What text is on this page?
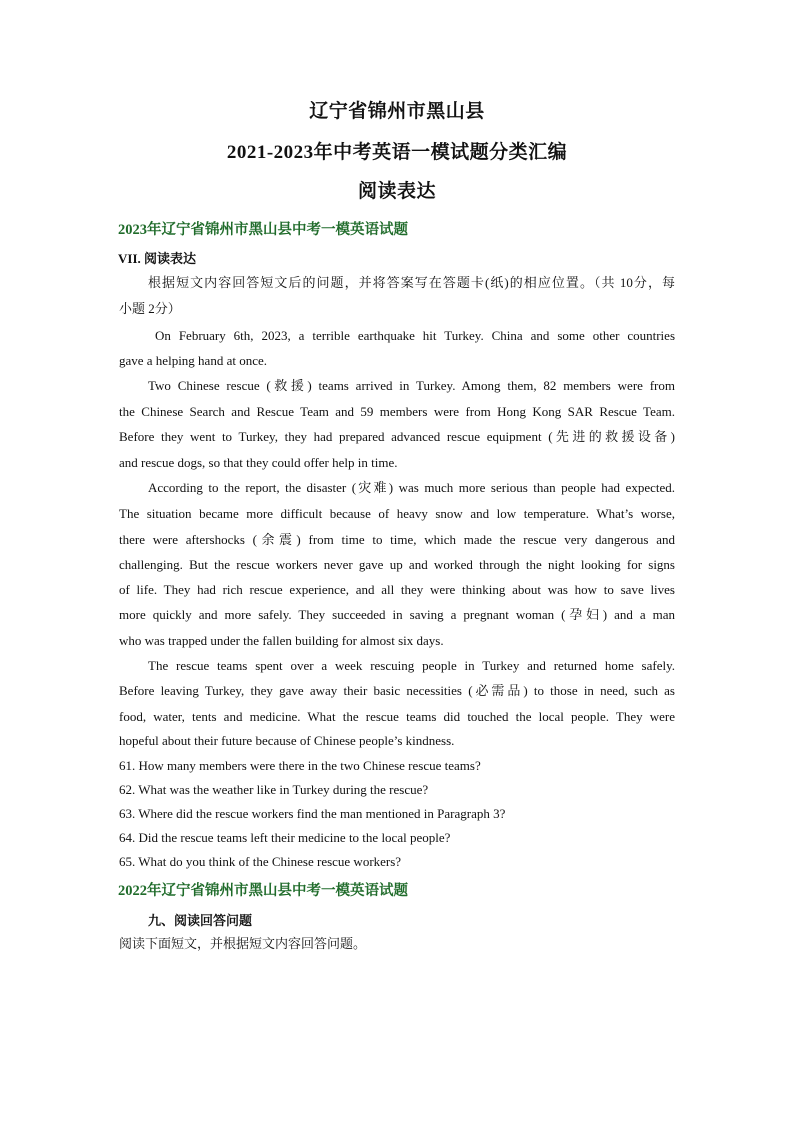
辽宁省锦州市黑山县
2021-2023年中考英语一模试题分类汇编
阅读表达
2023年辽宁省锦州市黑山县中考一模英语试题
VII. 阅读表达
根据短文内容回答短文后的问题，并将答案写在答题卡(纸)的相应位置。（共 10分，每
小题 2分）
On February 6th, 2023, a terrible earthquake hit Turkey. China and some other countries
gave a helping hand at once.
Two Chinese rescue (救援) teams arrived in Turkey. Among them, 82 members were from
the Chinese Search and Rescue Team and 59 members were from Hong Kong SAR Rescue Team.
Before they went to Turkey, they had prepared advanced rescue equipment (先进的救援设备)
and rescue dogs, so that they could offer help in time.
According to the report, the disaster (灾难) was much more serious than people had expected.
The situation became more difficult because of heavy snow and low temperature. What’s worse,
there were aftershocks (余震) from time to time, which made the rescue very dangerous and
challenging. But the rescue workers never gave up and worked through the night looking for signs
of life. They had rich rescue experience, and all they were thinking about was how to save lives
more quickly and more safely. They succeeded in saving a pregnant woman (孕妇) and a man
who was trapped under the fallen building for almost six days.
The rescue teams spent over a week rescuing people in Turkey and returned home safely.
Before leaving Turkey, they gave away their basic necessities (必需品) to those in need, such as
food, water, tents and medicine. What the rescue teams did touched the local people. They were
hopeful about their future because of Chinese people’s kindness.
61. How many members were there in the two Chinese rescue teams?
62. What was the weather like in Turkey during the rescue?
63. Where did the rescue workers find the man mentioned in Paragraph 3?
64. Did the rescue teams left their medicine to the local people?
65. What do you think of the Chinese rescue workers?
2022年辽宁省锦州市黑山县中考一模英语试题
九、阅读回答问题
阅读下面短文，并根据短文内容回答问题。
